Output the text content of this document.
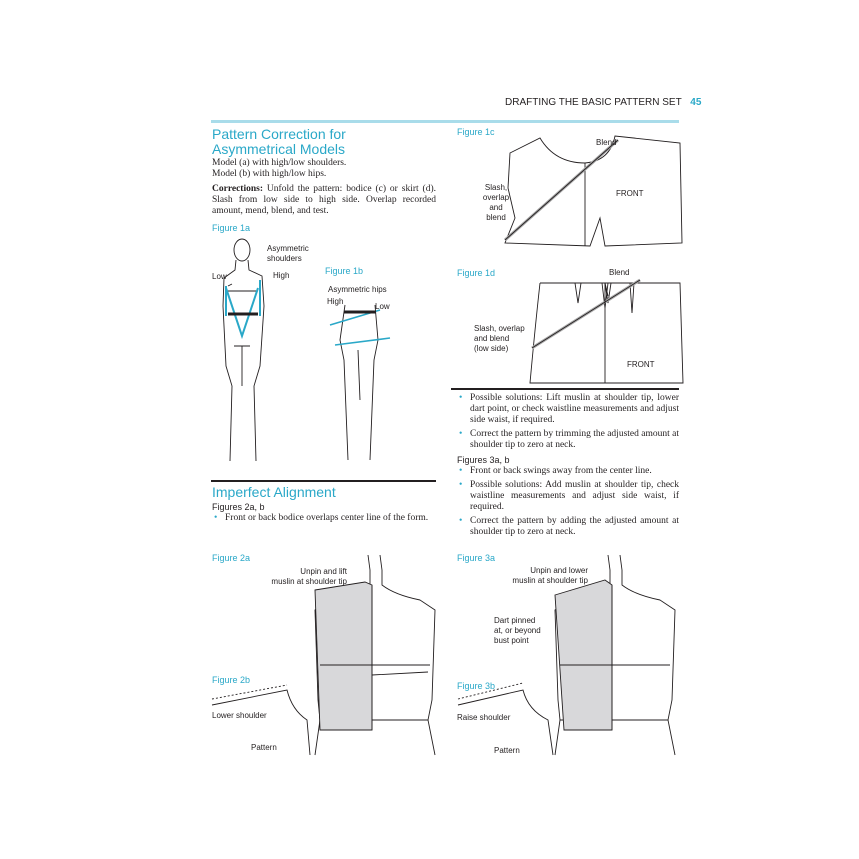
DRAFTING THE BASIC PATTERN SET 45
Pattern Correction for
Asymmetrical Models
Model (a) with high/low shoulders.
Model (b) with high/low hips.
Corrections: Unfold the pattern: bodice (c) or skirt (d). Slash from low side to high side. Overlap recorded amount, mend, blend, and test.
Figure 1a
Asymmetric
shoulders
Low	High	Figure 1b
Asymmetric hips
High
Low
Figure 1c
Blend
Slash,
overlap
and
blend
FRONT
Figure 1d	Blend
Slash, overlap
and blend
(low side)
FRONT
• Possible solutions: Lift muslin at shoulder tip, lower dart point, or check waistline measurements and adjust side waist, if required.
• Correct the pattern by trimming the adjusted amount at shoulder tip to zero at neck.
Figures 3a, b
• Front or back swings away from the center line.
• Possible solutions: Add muslin at shoulder tip, check waistline measurements and adjust side waist, if required.
• Correct the pattern by adding the adjusted amount at shoulder tip to zero at neck.
Imperfect Alignment
Figures 2a, b
• Front or back bodice overlaps center line of the form.
Figure 2a
Unpin and lift
muslin at shoulder tip
Figure 2b
Lower shoulder
Pattern
Figure 3a
Unpin and lower
muslin at shoulder tip
Dart pinned
at, or beyond
bust point
Figure 3b
Raise shoulder
Pattern
